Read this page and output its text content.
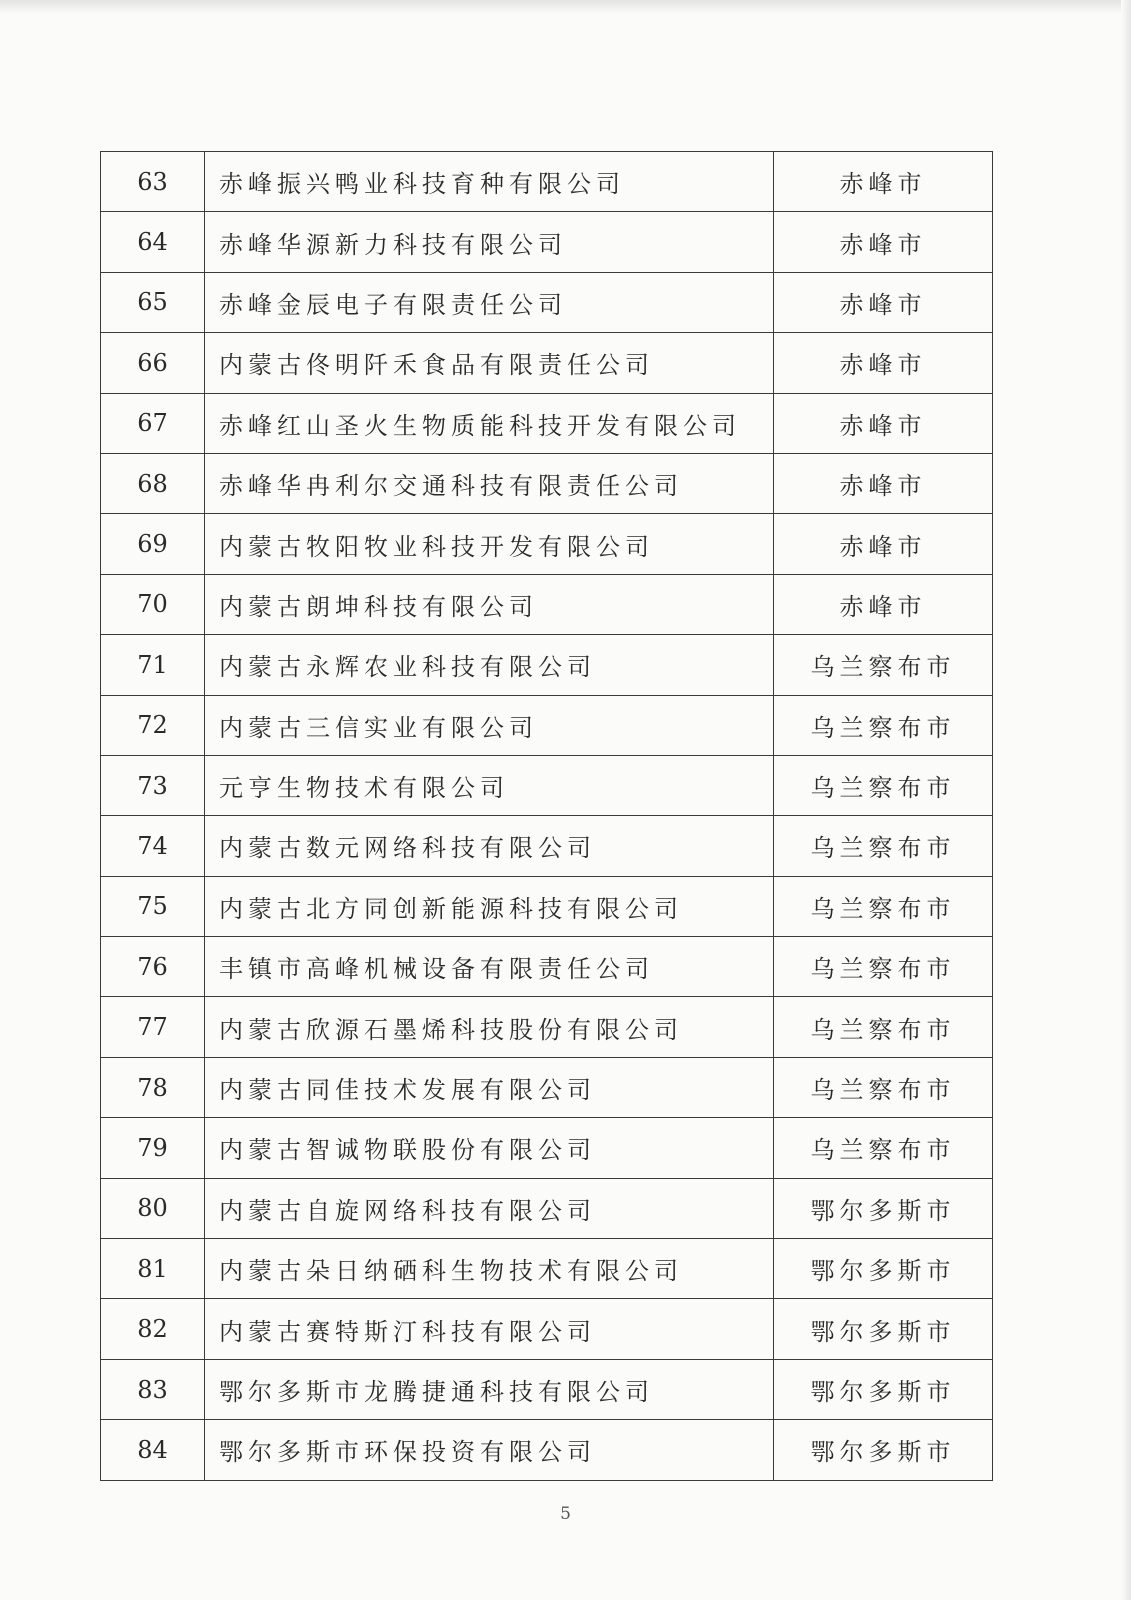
63	赤峰振兴鸭业科技育种有限公司	赤峰市
64	赤峰华源新力科技有限公司	赤峰市
65	赤峰金辰电子有限责任公司	赤峰市
66	内蒙古佟明阡禾食品有限责任公司	赤峰市
67	赤峰红山圣火生物质能科技开发有限公司	赤峰市
68	赤峰华冉利尔交通科技有限责任公司	赤峰市
69	内蒙古牧阳牧业科技开发有限公司	赤峰市
70	内蒙古朗坤科技有限公司	赤峰市
71	内蒙古永辉农业科技有限公司	乌兰察布市
72	内蒙古三信实业有限公司	乌兰察布市
73	元亨生物技术有限公司	乌兰察布市
74	内蒙古数元网络科技有限公司	乌兰察布市
75	内蒙古北方同创新能源科技有限公司	乌兰察布市
76	丰镇市高峰机械设备有限责任公司	乌兰察布市
77	内蒙古欣源石墨烯科技股份有限公司	乌兰察布市
78	内蒙古同佳技术发展有限公司	乌兰察布市
79	内蒙古智诚物联股份有限公司	乌兰察布市
80	内蒙古自旋网络科技有限公司	鄂尔多斯市
81	内蒙古朵日纳硒科生物技术有限公司	鄂尔多斯市
82	内蒙古赛特斯汀科技有限公司	鄂尔多斯市
83	鄂尔多斯市龙腾捷通科技有限公司	鄂尔多斯市
84	鄂尔多斯市环保投资有限公司	鄂尔多斯市
5
